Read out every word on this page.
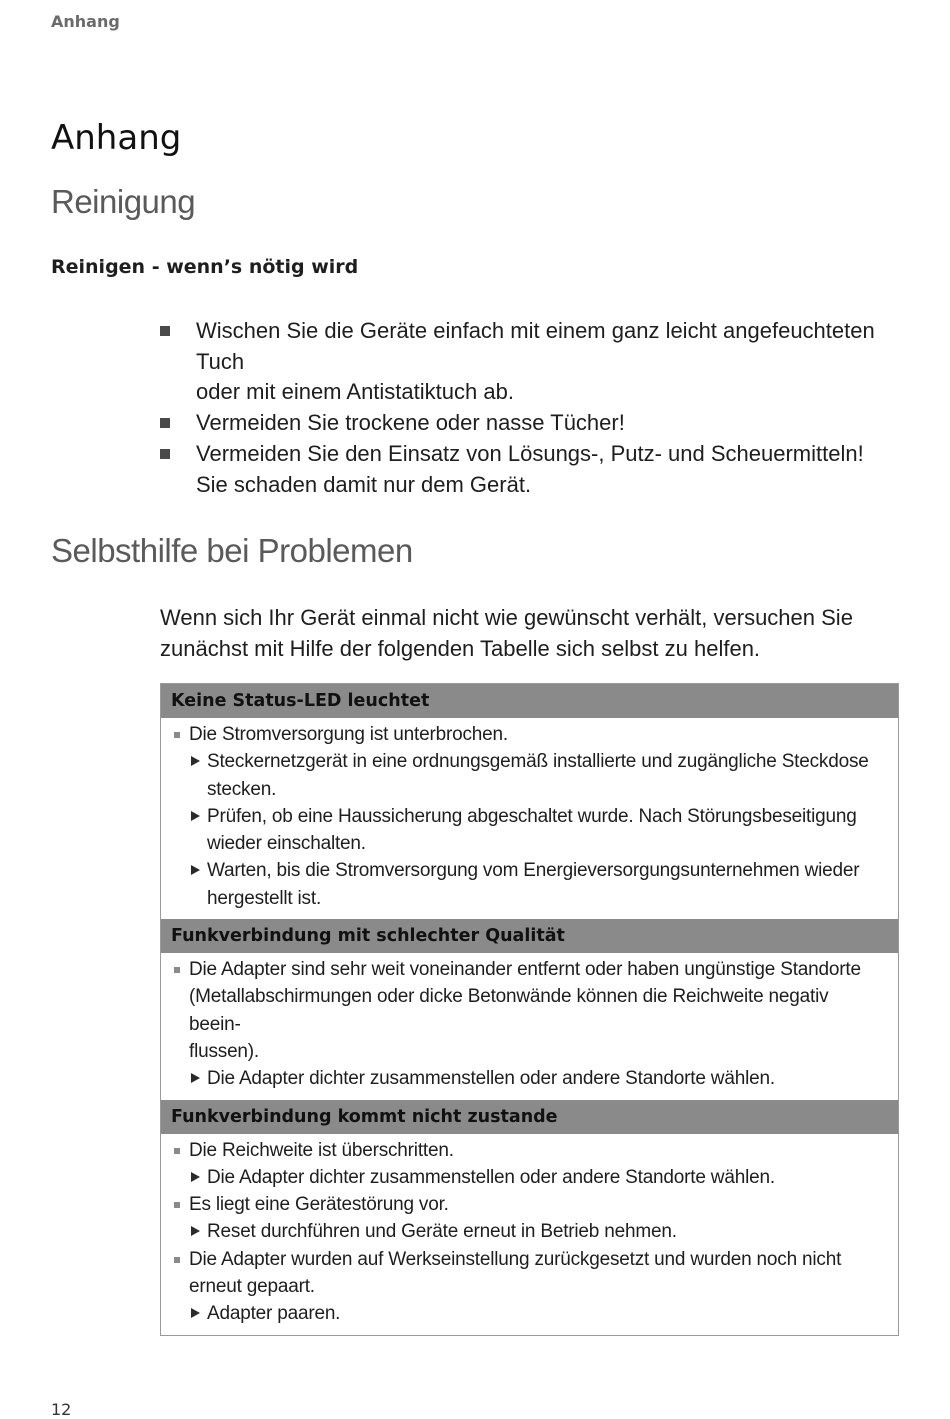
Anhang
Anhang
Reinigung
Reinigen - wenn’s nötig wird
Wischen Sie die Geräte einfach mit einem ganz leicht angefeuchteten Tuch
oder mit einem Antistatiktuch ab.
Vermeiden Sie trockene oder nasse Tücher!
Vermeiden Sie den Einsatz von Lösungs-, Putz- und Scheuermitteln!
Sie schaden damit nur dem Gerät.
Selbsthilfe bei Problemen
Wenn sich Ihr Gerät einmal nicht wie gewünscht verhält, versuchen Sie
zunächst mit Hilfe der folgenden Tabelle sich selbst zu helfen.
Keine Status-LED leuchtet
Die Stromversorgung ist unterbrochen.
Steckernetzgerät in eine ordnungsgemäß installierte und zugängliche Steckdose
stecken.
Prüfen, ob eine Haussicherung abgeschaltet wurde. Nach Störungsbeseitigung
wieder einschalten.
Warten, bis die Stromversorgung vom Energieversorgungsunternehmen wieder
hergestellt ist.
Funkverbindung mit schlechter Qualität
Die Adapter sind sehr weit voneinander entfernt oder haben ungünstige Standorte
(Metallabschirmungen oder dicke Betonwände können die Reichweite negativ beein-
flussen).
Die Adapter dichter zusammenstellen oder andere Standorte wählen.
Funkverbindung kommt nicht zustande
Die Reichweite ist überschritten.
Die Adapter dichter zusammenstellen oder andere Standorte wählen.
Es liegt eine Gerätestörung vor.
Reset durchführen und Geräte erneut in Betrieb nehmen.
Die Adapter wurden auf Werkseinstellung zurückgesetzt und wurden noch nicht
erneut gepaart.
Adapter paaren.
12
